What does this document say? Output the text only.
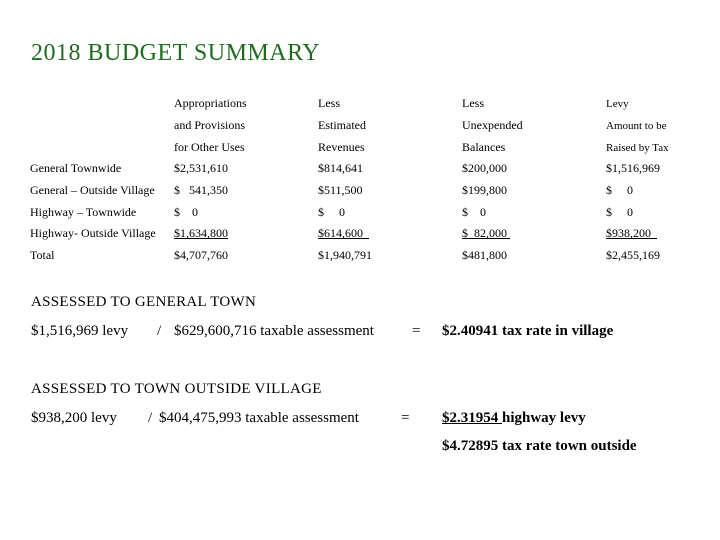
2018 BUDGET SUMMARY
	Appropriations	Less	Less	Levy
	and Provisions	Estimated	Unexpended	Amount to be
	for Other Uses	Revenues	Balances	Raised by Tax
General Townwide	$2,531,610	$814,641	$200,000	$1,516,969
General – Outside Village	$   541,350	$511,500	$199,800	$     0
Highway – Townwide	$    0	$     0	$    0	$     0
Highway- Outside Village	$1,634,800	$614,600	$  82,000	$938,200
Total	$4,707,760	$1,940,791	$481,800	$2,455,169
ASSESSED TO GENERAL TOWN
$1,516,969 levy / $629,600,716 taxable assessment	= $2.40941 tax rate in village
ASSESSED TO TOWN OUTSIDE VILLAGE
$938,200 levy / $404,475,993 taxable assessment	= $2.31954 highway levy
$4.72895 tax rate town outside
